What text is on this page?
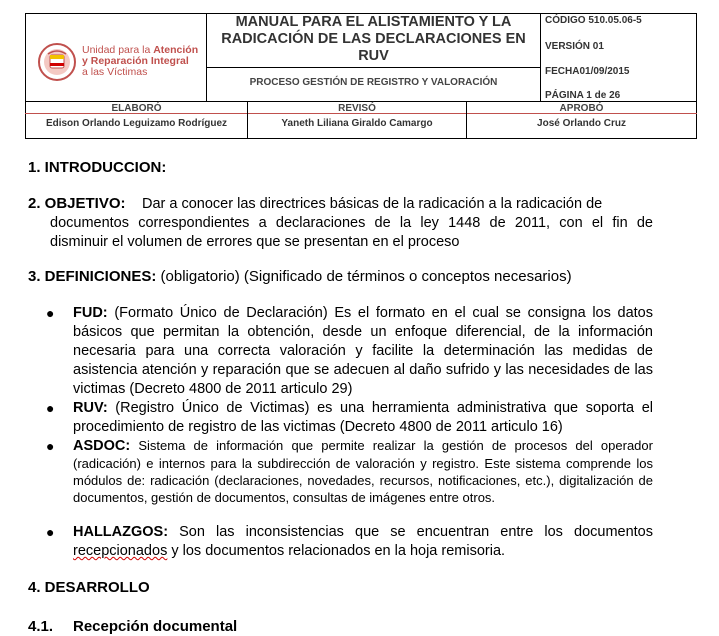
Unidad para la Atención
y Reparación Integral
a las Víctimas
MANUAL PARA EL ALISTAMIENTO Y LA RADICACIÓN DE LAS DECLARACIONES EN RUV
PROCESO GESTIÓN DE REGISTRO Y VALORACIÓN
CÓDIGO 510.05.06-5
VERSIÓN 01
FECHA01/09/2015
PÁGINA 1 de 26
ELABORÓ	REVISÓ	APROBÓ
Edison Orlando Leguizamo Rodríguez	Yaneth Liliana Giraldo Camargo	José Orlando Cruz
1. INTRODUCCION:
2. OBJETIVO: Dar a conocer las directrices básicas de la radicación a la radicación de
documentos correspondientes a declaraciones de la ley 1448 de 2011, con el fin de
disminuir el volumen de errores que se presentan en el proceso
3. DEFINICIONES: (obligatorio) (Significado de términos o conceptos necesarios)
● FUD: (Formato Único de Declaración) Es el formato en el cual se consigna los datos básicos que permitan la obtención, desde un enfoque diferencial, de la información necesaria para una correcta valoración y facilite la determinación las medidas de asistencia atención y reparación que se adecuen al daño sufrido y las necesidades de las victimas (Decreto 4800 de 2011 articulo 29)
● RUV: (Registro Único de Victimas) es una herramienta administrativa que soporta el procedimiento de registro de las victimas (Decreto 4800 de 2011 articulo 16)
● ASDOC: Sistema de información que permite realizar la gestión de procesos del operador (radicación) e internos para la subdirección de valoración y registro. Este sistema comprende los módulos de: radicación (declaraciones, novedades, recursos, notificaciones, etc.), digitalización de documentos, gestión de documentos, consultas de imágenes entre otros.
● HALLAZGOS: Son las inconsistencias que se encuentran entre los documentos recepcionados y los documentos relacionados en la hoja remisoria.
4. DESARROLLO
4.1. Recepción documental
